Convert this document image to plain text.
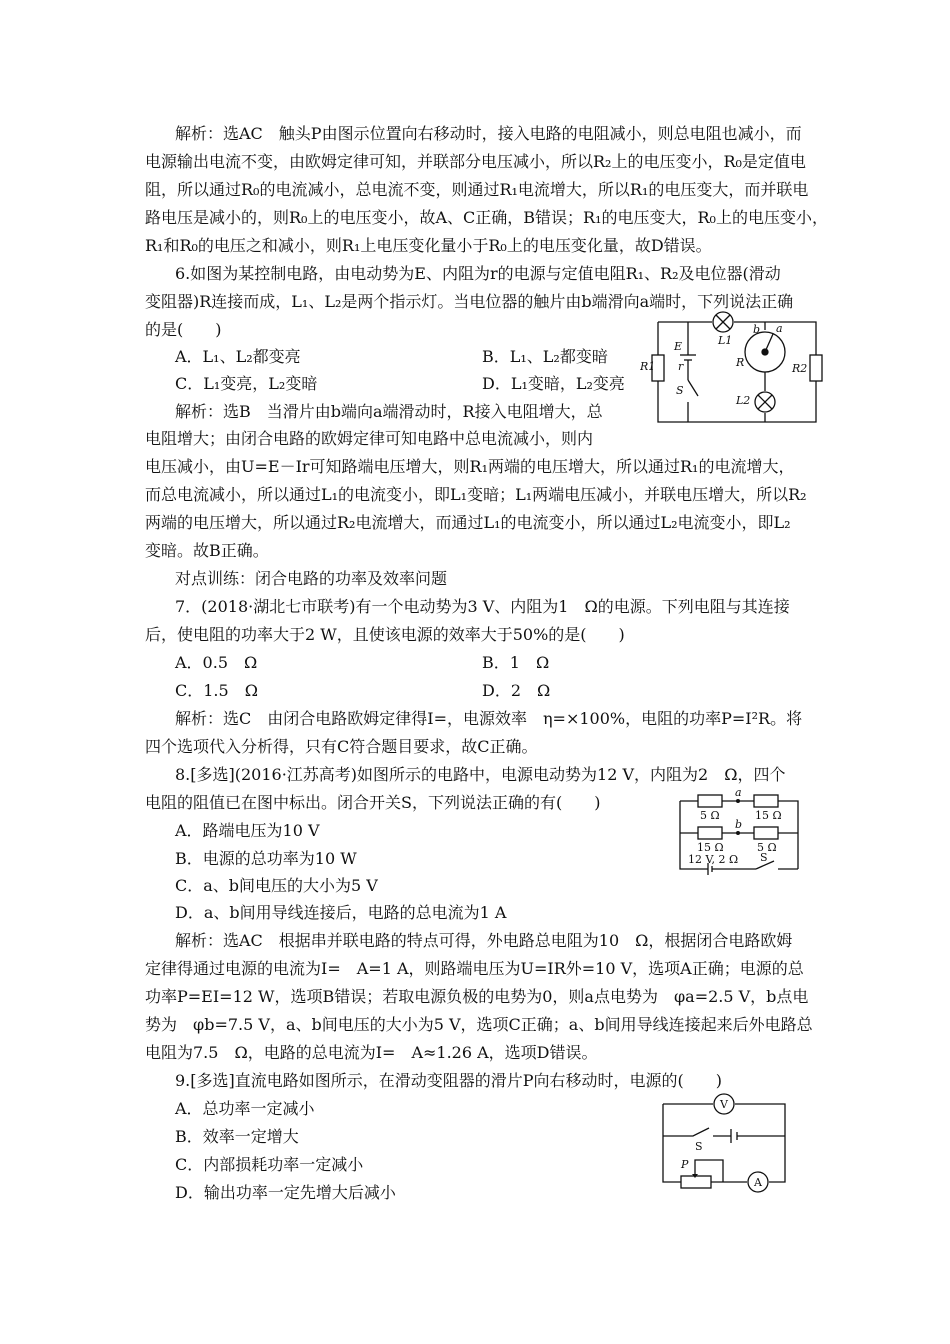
解析：选AC　触头P由图示位置向右移动时，接入电路的电阻减小，则总电阻也减小，而
电源输出电流不变，由欧姆定律可知，并联部分电压减小，所以R₂上的电压变小，R₀是定值电
阻，所以通过R₀的电流减小，总电流不变，则通过R₁电流增大，所以R₁的电压变大，而并联电
路电压是减小的，则R₀上的电压变小，故A、C正确，B错误；R₁的电压变大，R₀上的电压变小，
R₁和R₀的电压之和减小，则R₁上电压变化量小于R₀上的电压变化量，故D错误。
6.如图为某控制电路，由电动势为E、内阻为r的电源与定值电阻R₁、R₂及电位器(滑动
变阻器)R连接而成，L₁、L₂是两个指示灯。当电位器的触片由b端滑向a端时，下列说法正确
的是(　　)
A．L₁、L₂都变亮	B．L₁、L₂都变暗
C．L₁变亮，L₂变暗	D．L₁变暗，L₂变亮
解析：选B　当滑片由b端向a端滑动时，R接入电阻增大，总
电阻增大；由闭合电路的欧姆定律可知电路中总电流减小，则内
电压减小，由U=E－Ir可知路端电压增大，则R₁两端的电压增大，所以通过R₁的电流增大，
而总电流减小，所以通过L₁的电流变小，即L₁变暗；L₁两端电压减小，并联电压增大，所以R₂
两端的电压增大，所以通过R₂电流增大，而通过L₁的电流变小，所以通过L₂电流变小，即L₂
变暗。故B正确。
对点训练：闭合电路的功率及效率问题
7．(2018·湖北七市联考)有一个电动势为3 V、内阻为1　Ω的电源。下列电阻与其连接
后，使电阻的功率大于2 W，且使该电源的效率大于50%的是(　　)
A．0.5　Ω	B．1　Ω
C．1.5　Ω	D．2　Ω
解析：选C　由闭合电路欧姆定律得I=，电源效率　η=×100%，电阻的功率P=I²R。将
四个选项代入分析得，只有C符合题目要求，故C正确。
8.[多选](2016·江苏高考)如图所示的电路中，电源电动势为12 V，内阻为2　Ω，四个
电阻的阻值已在图中标出。闭合开关S，下列说法正确的有(　　)
A．路端电压为10 V
B．电源的总功率为10 W
C．a、b间电压的大小为5 V
D．a、b间用导线连接后，电路的总电流为1 A
解析：选AC　根据串并联电路的特点可得，外电路总电阻为10　Ω，根据闭合电路欧姆
定律得通过电源的电流为I=　A=1 A，则路端电压为U=IR外=10 V，选项A正确；电源的总
功率P=EI=12 W，选项B错误；若取电源负极的电势为0，则a点电势为　φa=2.5 V，b点电
势为　φb=7.5 V，a、b间电压的大小为5 V，选项C正确；a、b间用导线连接起来后外电路总
电阻为7.5　Ω，电路的总电流为I=　A≈1.26 A，选项D错误。
9.[多选]直流电路如图所示，在滑动变阻器的滑片P向右移动时，电源的(　　)
A．总功率一定减小
B．效率一定增大
C．内部损耗功率一定减小
D．输出功率一定先增大后减小
E
r
S
R1	R2
R
L1
L2
a
b
a
b
5 Ω	15 Ω
15 Ω	5 Ω
12 V, 2 Ω S
V
A
S
P
